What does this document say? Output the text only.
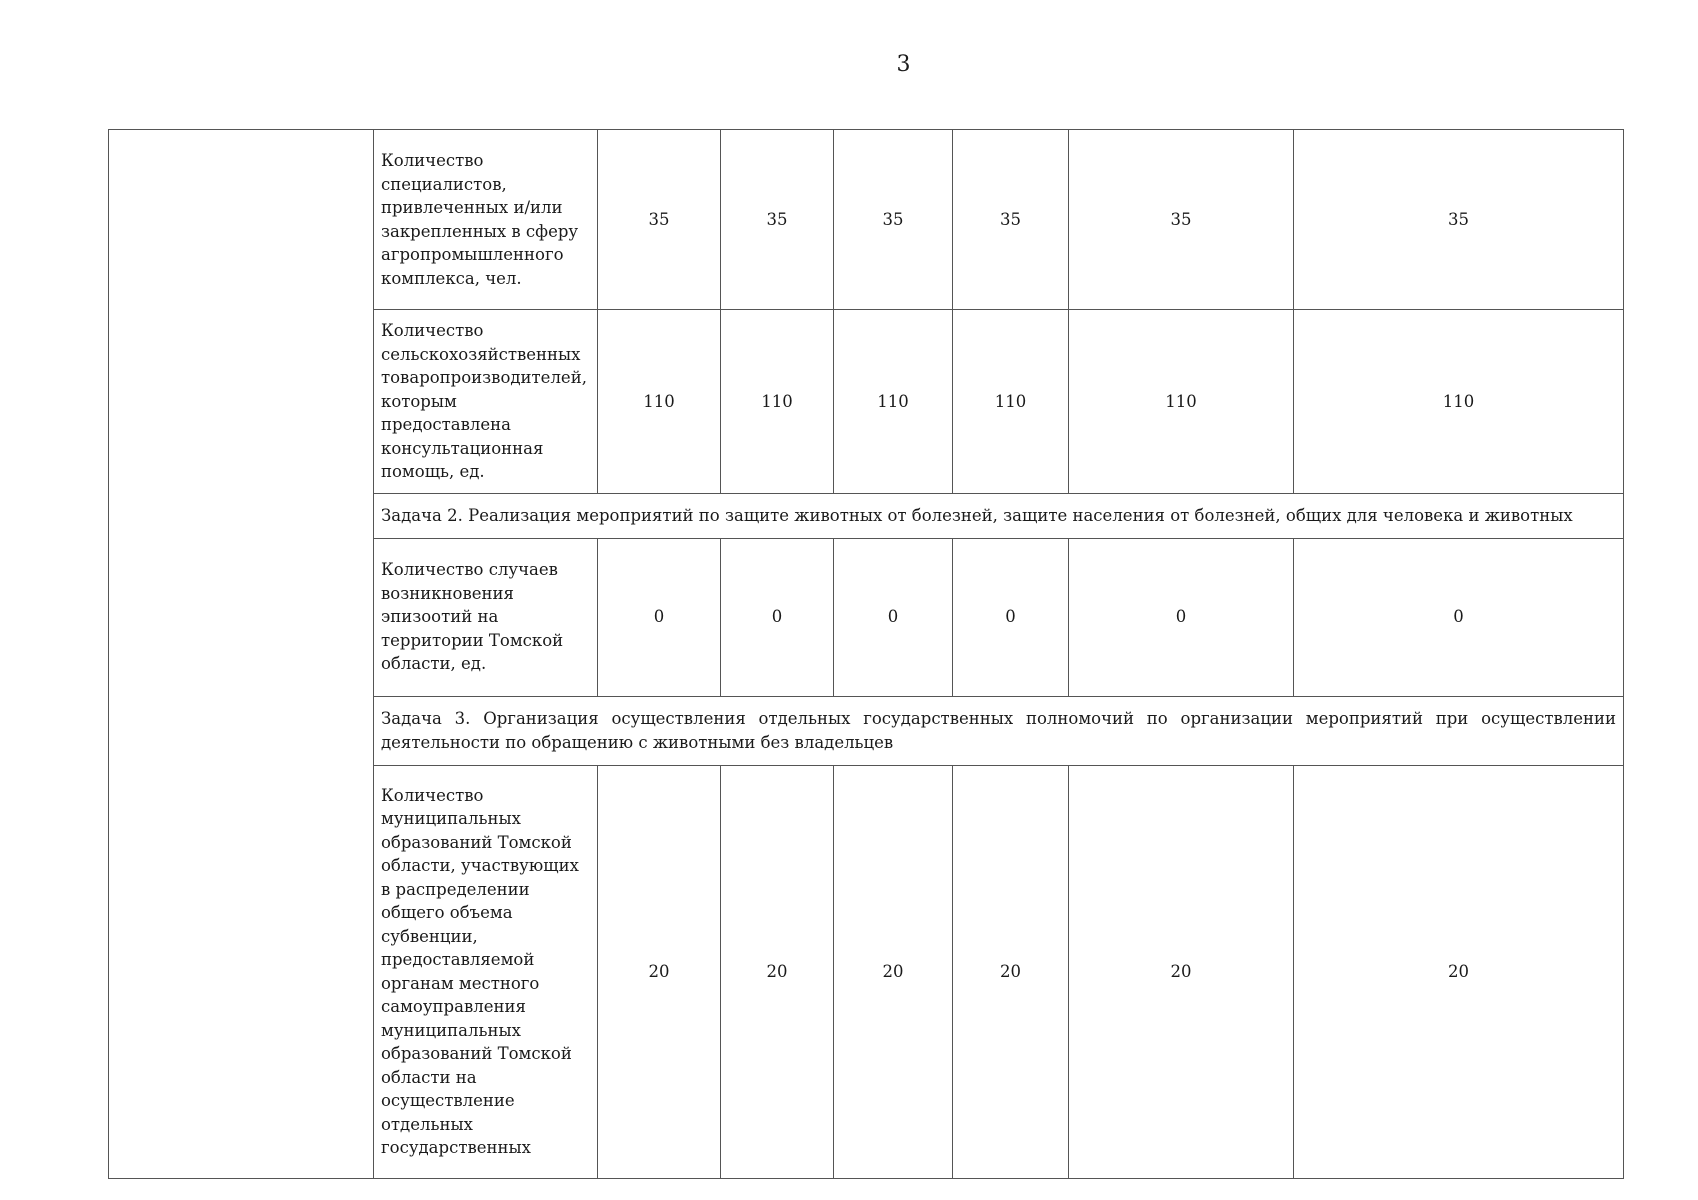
3
	Количество специалистов, привлеченных и/или закрепленных в сферу агропромышленного комплекса, чел.	35	35	35	35	35	35
	Количество сельскохозяйственных товаропроизводителей, которым предоставлена консультационная помощь, ед.	110	110	110	110	110	110
	Задача 2. Реализация мероприятий по защите животных от болезней, защите населения от болезней, общих для человека и животных						
	Количество случаев возникновения эпизоотий на территории Томской области, ед.	0	0	0	0	0	0
	Задача 3. Организация осуществления отдельных государственных полномочий по организации мероприятий при осуществлении деятельности по обращению с животными без владельцев						
	Количество муниципальных образований Томской области, участвующих в распределении общего объема субвенции, предоставляемой органам местного самоуправления муниципальных образований Томской области на осуществление отдельных государственных	20	20	20	20	20	20
